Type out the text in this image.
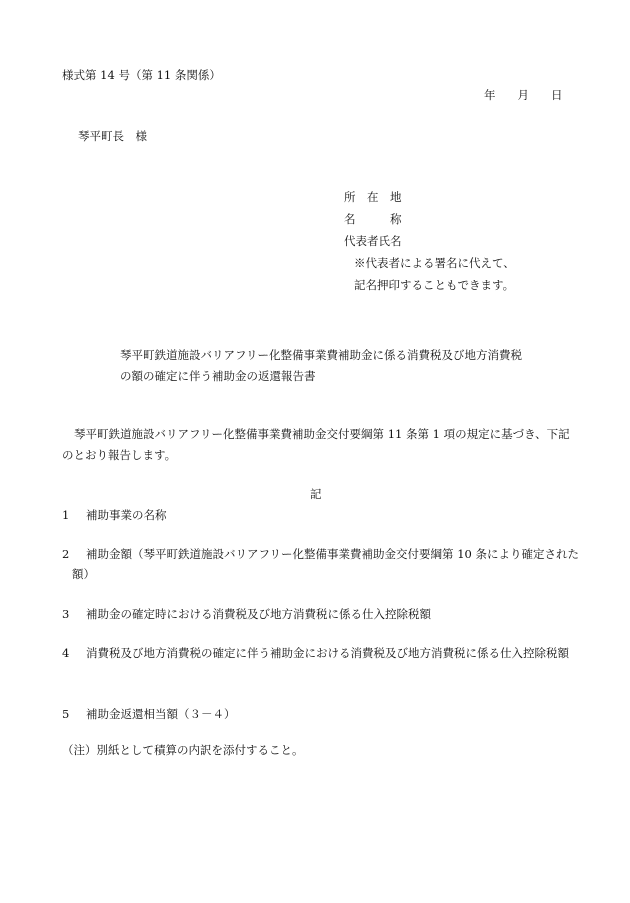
様式第 14 号（第 11 条関係）
年 月 日
琴平町長　様
所　在　地
名　　　称
代表者氏名
※代表者による署名に代えて、
記名押印することもできます。
琴平町鉄道施設バリアフリー化整備事業費補助金に係る消費税及び地方消費税
の額の確定に伴う補助金の返還報告書
琴平町鉄道施設バリアフリー化整備事業費補助金交付要綱第 11 条第 1 項の規定に基づき、下記のとおり報告します。
記
1	補助事業の名称
2	補助金額（琴平町鉄道施設バリアフリー化整備事業費補助金交付要綱第 10 条により確定された額）
3	補助金の確定時における消費税及び地方消費税に係る仕入控除税額
4	消費税及び地方消費税の確定に伴う補助金における消費税及び地方消費税に係る仕入控除税額
5	補助金返還相当額（３－４）
（注）別紙として積算の内訳を添付すること。
